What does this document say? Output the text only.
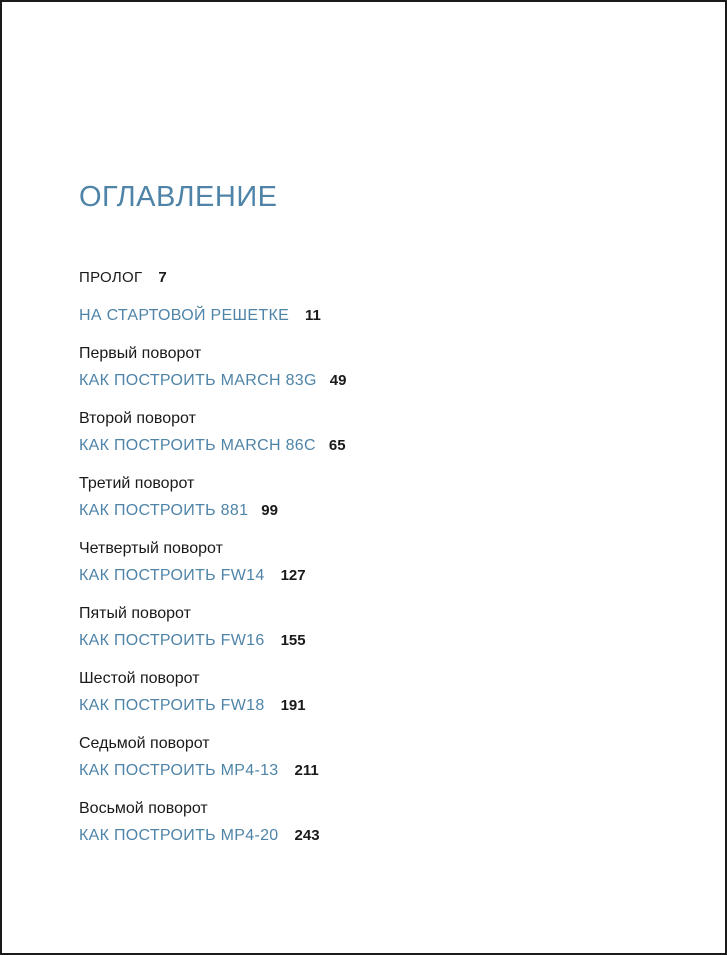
ОГЛАВЛЕНИЕ
ПРОЛОГ 7
НА СТАРТОВОЙ РЕШЕТКЕ 11
Первый поворот
КАК ПОСТРОИТЬ MARCH 83G 49
Второй поворот
КАК ПОСТРОИТЬ MARCH 86C 65
Третий поворот
КАК ПОСТРОИТЬ 881 99
Четвертый поворот
КАК ПОСТРОИТЬ FW14 127
Пятый поворот
КАК ПОСТРОИТЬ FW16 155
Шестой поворот
КАК ПОСТРОИТЬ FW18 191
Седьмой поворот
КАК ПОСТРОИТЬ MP4-13 211
Восьмой поворот
КАК ПОСТРОИТЬ MP4-20 243
